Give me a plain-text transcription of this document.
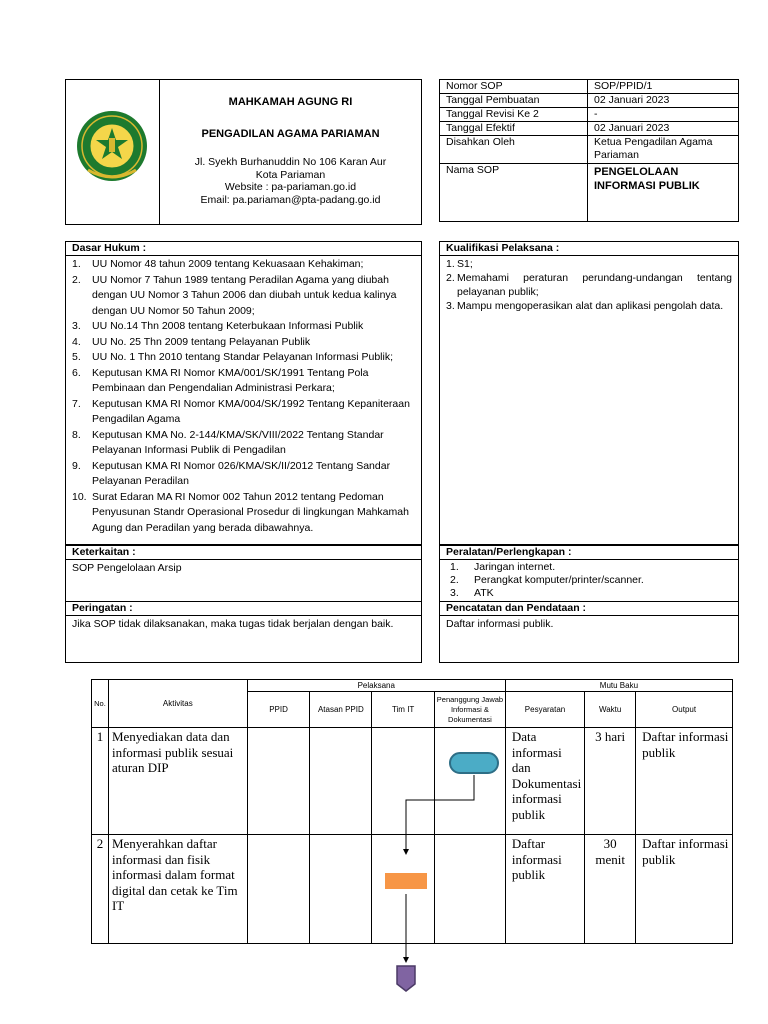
MAHKAMAH AGUNG RI
PENGADILAN AGAMA PARIAMAN
Jl. Syekh Burhanuddin No 106 Karan Aur
Kota Pariaman
Website : pa-pariaman.go.id
Email: pa.pariaman@pta-padang.go.id
Nomor SOP	SOP/PPID/1
Tanggal Pembuatan	02 Januari 2023
Tanggal Revisi Ke 2	-
Tanggal Efektif	02 Januari 2023
Disahkan Oleh	Ketua Pengadilan Agama Pariaman
Nama SOP	PENGELOLAAN INFORMASI PUBLIK
Dasar Hukum :
1. UU Nomor 48 tahun 2009 tentang Kekuasaan Kehakiman;
2. UU Nomor 7 Tahun 1989 tentang Peradilan Agama yang diubah dengan UU Nomor 3 Tahun 2006 dan diubah untuk kedua kalinya dengan UU Nomor 50 Tahun 2009;
3. UU No.14 Thn 2008 tentang Keterbukaan Informasi Publik
4. UU No. 25 Thn 2009 tentang Pelayanan Publik
5. UU No. 1 Thn 2010 tentang Standar Pelayanan Informasi Publik;
6. Keputusan KMA RI Nomor KMA/001/SK/1991 Tentang Pola Pembinaan dan Pengendalian Administrasi Perkara;
7. Keputusan KMA RI Nomor KMA/004/SK/1992 Tentang Kepaniteraan Pengadilan Agama
8. Keputusan KMA No. 2-144/KMA/SK/VIII/2022 Tentang Standar Pelayanan Informasi Publik di Pengadilan
9. Keputusan KMA RI Nomor 026/KMA/SK/II/2012 Tentang Sandar Pelayanan Peradilan
10. Surat Edaran MA RI Nomor 002 Tahun 2012 tentang Pedoman Penyusunan Standr Operasional Prosedur di lingkungan Mahkamah Agung dan Peradilan yang berada dibawahnya.
Kualifikasi Pelaksana :
1. S1;
2. Memahami peraturan perundang-undangan tentang pelayanan publik;
3. Mampu mengoperasikan alat dan aplikasi pengolah data.
Keterkaitan :
SOP Pengelolaan Arsip
Peralatan/Perlengkapan :
1. Jaringan internet.
2. Perangkat komputer/printer/scanner.
3. ATK
Peringatan :
Jika SOP tidak dilaksanakan, maka tugas tidak berjalan dengan baik.
Pencatatan dan Pendataan :
Daftar informasi publik.
No.	Aktivitas	Pelaksana				Mutu Baku		
		PPID	Atasan PPID	Tim IT	Penanggung Jawab Informasi & Dokumentasi	Pesyaratan	Waktu	Output
1	Menyediakan data dan informasi publik sesuai aturan DIP					Data informasi dan Dokumentasi informasi publik	3 hari	Daftar informasi publik
2	Menyerahkan daftar informasi dan fisik informasi dalam format digital dan cetak ke Tim IT					Daftar informasi publik	30 menit	Daftar informasi publik
